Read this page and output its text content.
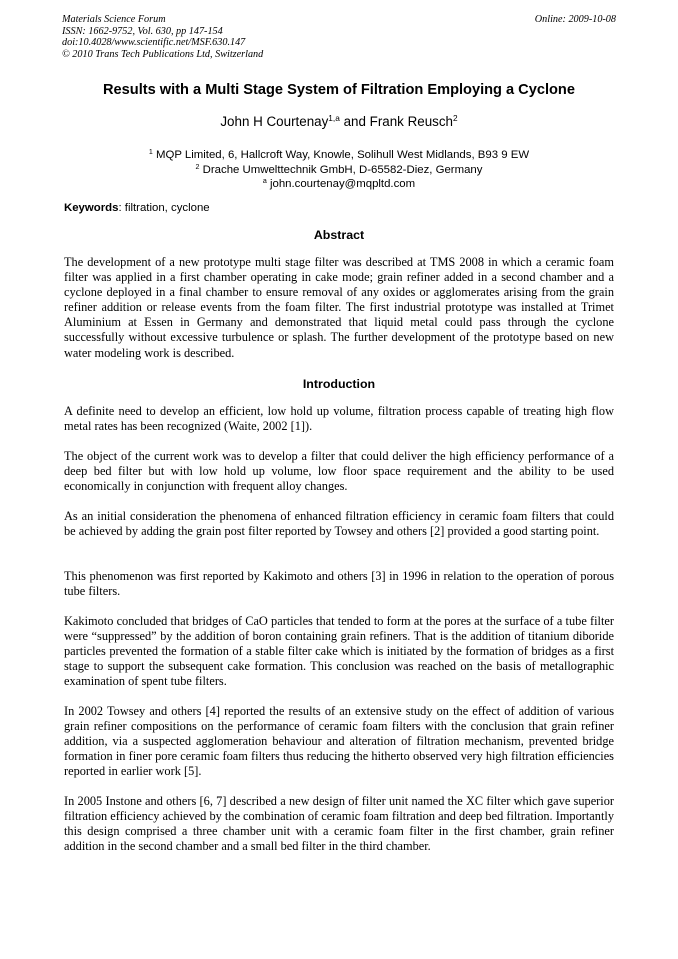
Materials Science Forum
ISSN: 1662-9752, Vol. 630, pp 147-154
doi:10.4028/www.scientific.net/MSF.630.147
© 2010 Trans Tech Publications Ltd, Switzerland
Online: 2009-10-08
Results with a Multi Stage System of Filtration Employing a Cyclone
John H Courtenay$^{1,a}$ and Frank Reusch$^2$
$^1$ MQP Limited, 6, Hallcroft Way, Knowle, Solihull West Midlands, B93 9 EW
$^2$ Drache Umwelttechnik GmbH, D-65582-Diez, Germany
$^a$ john.courtenay@mqpltd.com
Keywords: filtration, cyclone
Abstract
The development of a new prototype multi stage filter was described at TMS 2008 in which a ceramic foam filter was applied in a first chamber operating in cake mode; grain refiner added in a second chamber and a cyclone deployed in a final chamber to ensure removal of any oxides or agglomerates arising from the grain refiner addition or release events from the foam filter. The first industrial prototype was installed at Trimet Aluminium at Essen in Germany and demonstrated that liquid metal could pass through the cyclone successfully without excessive turbulence or splash. The further development of the prototype based on new water modeling work is described.
Introduction
A definite need to develop an efficient, low hold up volume, filtration process capable of treating high flow metal rates has been recognized (Waite, 2002 [1]).
The object of the current work was to develop a filter that could deliver the high efficiency performance of a deep bed filter but with low hold up volume, low floor space requirement and the ability to be used economically in conjunction with frequent alloy changes.
As an initial consideration the phenomena of enhanced filtration efficiency in ceramic foam filters that could be achieved by adding the grain post filter reported by Towsey and others [2] provided a good starting point.
This phenomenon was first reported by Kakimoto and others [3] in 1996 in relation to the operation of porous tube filters.
Kakimoto concluded that bridges of CaO particles that tended to form at the pores at the surface of a tube filter were “suppressed” by the addition of boron containing grain refiners. That is the addition of titanium diboride particles prevented the formation of a stable filter cake which is initiated by the formation of bridges as a first stage to support the subsequent cake formation. This conclusion was reached on the basis of metallographic examination of spent tube filters.
In 2002 Towsey and others [4] reported the results of an extensive study on the effect of addition of various grain refiner compositions on the performance of ceramic foam filters with the conclusion that grain refiner addition, via a suspected agglomeration behaviour and alteration of filtration mechanism, prevented bridge formation in finer pore ceramic foam filters thus reducing the hitherto observed very high filtration efficiencies reported in earlier work [5].
In 2005 Instone and others [6, 7] described a new design of filter unit named the XC filter which gave superior filtration efficiency achieved by the combination of ceramic foam filtration and deep bed filtration. Importantly this design comprised a three chamber unit with a ceramic foam filter in the first chamber, grain refiner addition in the second chamber and a small bed filter in the third chamber.
